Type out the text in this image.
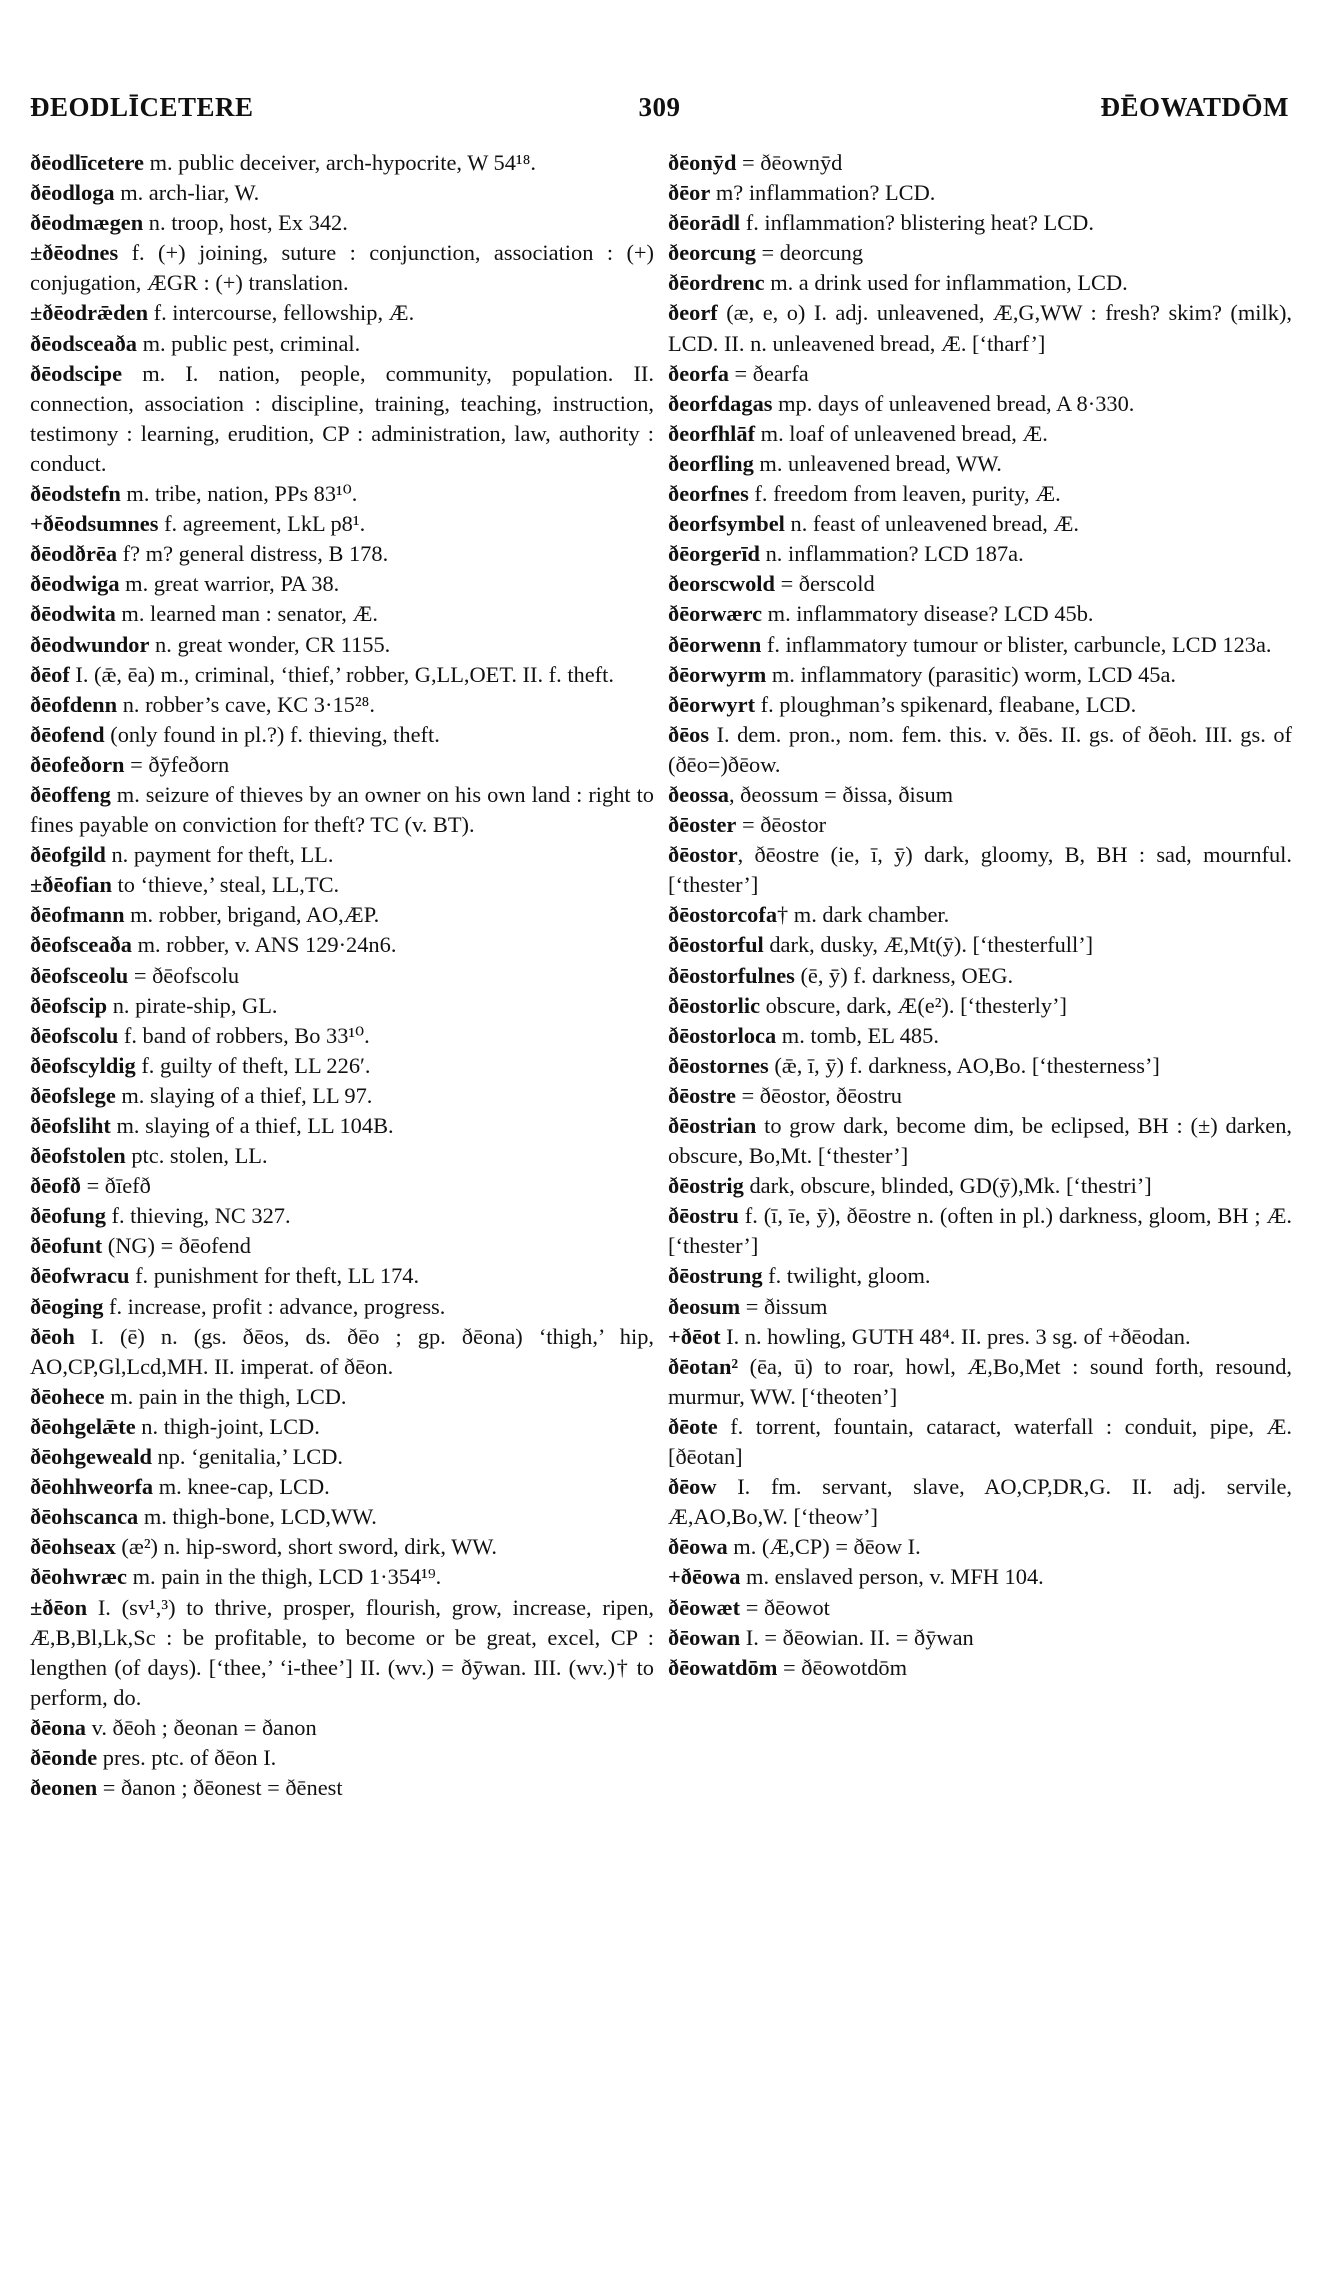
ĐEODLĪCETERE	309	ĐĒOWATDŌM

ðēodlīcetere m. public deceiver, arch-hypocrite, W 54¹⁸.

ðēodloga m. arch-liar, W.

ðēodmægen n. troop, host, Ex 342.

±ðēodnes f. (+) joining, suture : conjunction, association : (+) conjugation, ÆGR : (+) translation.

±ðēodrǣden f. intercourse, fellowship, Æ.

ðēodsceaða m. public pest, criminal.

ðēodscipe m. I. nation, people, community, population. II. connection, association : discipline, training, teaching, instruction, testimony : learning, erudition, CP : administration, law, authority : conduct.

ðēodstefn m. tribe, nation, PPs 83¹⁰.

+ðēodsumnes f. agreement, LkL p8¹.

ðēodðrēa f? m? general distress, B 178.

ðēodwiga m. great warrior, PA 38.

ðēodwita m. learned man : senator, Æ.

ðēodwundor n. great wonder, CR 1155.

ðēof I. (ǣ, ēa) m., criminal, ‘thief,’ robber, G,LL,OET. II. f. theft.

ðēofdenn n. robber’s cave, KC 3·15²⁸.

ðēofend (only found in pl.?) f. thieving, theft.

ðēofeðorn = ðȳfeðorn

ðēoffeng m. seizure of thieves by an owner on his own land : right to fines payable on conviction for theft? TC (v. BT).

ðēofgild n. payment for theft, LL.

±ðēofian to ‘thieve,’ steal, LL,TC.

ðēofmann m. robber, brigand, AO,ÆP.

ðēofsceaða m. robber, v. ANS 129·24n6.

ðēofsceolu = ðēofscolu

ðēofscip n. pirate-ship, GL.

ðēofscolu f. band of robbers, Bo 33¹⁰.

ðēofscyldig f. guilty of theft, LL 226′.

ðēofslege m. slaying of a thief, LL 97.

ðēofsliht m. slaying of a thief, LL 104B.

ðēofstolen ptc. stolen, LL.

ðēofð = ðīefð

ðēofung f. thieving, NC 327.

ðēofunt (NG) = ðēofend

ðēofwracu f. punishment for theft, LL 174.

ðēoging f. increase, profit : advance, progress.

ðēoh I. (ē) n. (gs. ðēos, ds. ðēo ; gp. ðēona) ‘thigh,’ hip, AO,CP,Gl,Lcd,MH. II. imperat. of ðēon.

ðēohece m. pain in the thigh, LCD.

ðēohgelǣte n. thigh-joint, LCD.

ðēohgeweald np. ‘genitalia,’ LCD.

ðēohhweorfa m. knee-cap, LCD.

ðēohscanca m. thigh-bone, LCD,WW.

ðēohseax (æ²) n. hip-sword, short sword, dirk, WW.

ðēohwræc m. pain in the thigh, LCD 1·354¹⁹.

±ðēon I. (sv¹,³) to thrive, prosper, flourish, grow, increase, ripen, Æ,B,Bl,Lk,Sc : be profitable, to become or be great, excel, CP : lengthen (of days). [‘thee,’ ‘i-thee’] II. (wv.) = ðȳwan. III. (wv.)† to perform, do.

ðēona v. ðēoh ; ðeonan = ðanon

ðēonde pres. ptc. of ðēon I.

ðeonen = ðanon ; ðēonest = ðēnest

ðēonȳd = ðēownȳd

ðēor m? inflammation? LCD.

ðēorādl f. inflammation? blistering heat? LCD.

ðeorcung = deorcung

ðēordrenc m. a drink used for inflammation, LCD.

ðeorf (æ, e, o) I. adj. unleavened, Æ,G,WW : fresh? skim? (milk), LCD. II. n. unleavened bread, Æ. [‘tharf’]

ðeorfa = ðearfa

ðeorfdagas mp. days of unleavened bread, A 8·330.

ðeorfhlāf m. loaf of unleavened bread, Æ.

ðeorfling m. unleavened bread, WW.

ðeorfnes f. freedom from leaven, purity, Æ.

ðeorfsymbel n. feast of unleavened bread, Æ.

ðēorgerīd n. inflammation? LCD 187a.

ðeorscwold = ðerscold

ðēorwærc m. inflammatory disease? LCD 45b.

ðēorwenn f. inflammatory tumour or blister, carbuncle, LCD 123a.

ðēorwyrm m. inflammatory (parasitic) worm, LCD 45a.

ðēorwyrt f. ploughman’s spikenard, fleabane, LCD.

ðēos I. dem. pron., nom. fem. this. v. ðēs. II. gs. of ðēoh. III. gs. of (ðēo=)ðēow.

ðeossa, ðeossum = ðissa, ðisum

ðēoster = ðēostor

ðēostor, ðēostre (ie, ī, ȳ) dark, gloomy, B, BH : sad, mournful. [‘thester’]

ðēostorcofa† m. dark chamber.

ðēostorful dark, dusky, Æ,Mt(ȳ). [‘thesterfull’]

ðēostorfulnes (ē, ȳ) f. darkness, OEG.

ðēostorlic obscure, dark, Æ(e²). [‘thesterly’]

ðēostorloca m. tomb, EL 485.

ðēostornes (ǣ, ī, ȳ) f. darkness, AO,Bo. [‘thesterness’]

ðēostre = ðēostor, ðēostru

ðēostrian to grow dark, become dim, be eclipsed, BH : (±) darken, obscure, Bo,Mt. [‘thester’]

ðēostrig dark, obscure, blinded, GD(ȳ),Mk. [‘thestri’]

ðēostru f. (ī, īe, ȳ), ðēostre n. (often in pl.) darkness, gloom, BH ; Æ. [‘thester’]

ðēostrung f. twilight, gloom.

ðeosum = ðissum

+ðēot I. n. howling, GUTH 48⁴. II. pres. 3 sg. of +ðēodan.

ðēotan² (ēa, ū) to roar, howl, Æ,Bo,Met : sound forth, resound, murmur, WW. [‘theoten’]

ðēote f. torrent, fountain, cataract, waterfall : conduit, pipe, Æ. [ðēotan]

ðēow I. fm. servant, slave, AO,CP,DR,G. II. adj. servile, Æ,AO,Bo,W. [‘theow’]

ðēowa m. (Æ,CP) = ðēow I.

+ðēowa m. enslaved person, v. MFH 104.

ðēowæt = ðēowot

ðēowan I. = ðēowian. II. = ðȳwan

ðēowatdōm = ðēowotdōm
